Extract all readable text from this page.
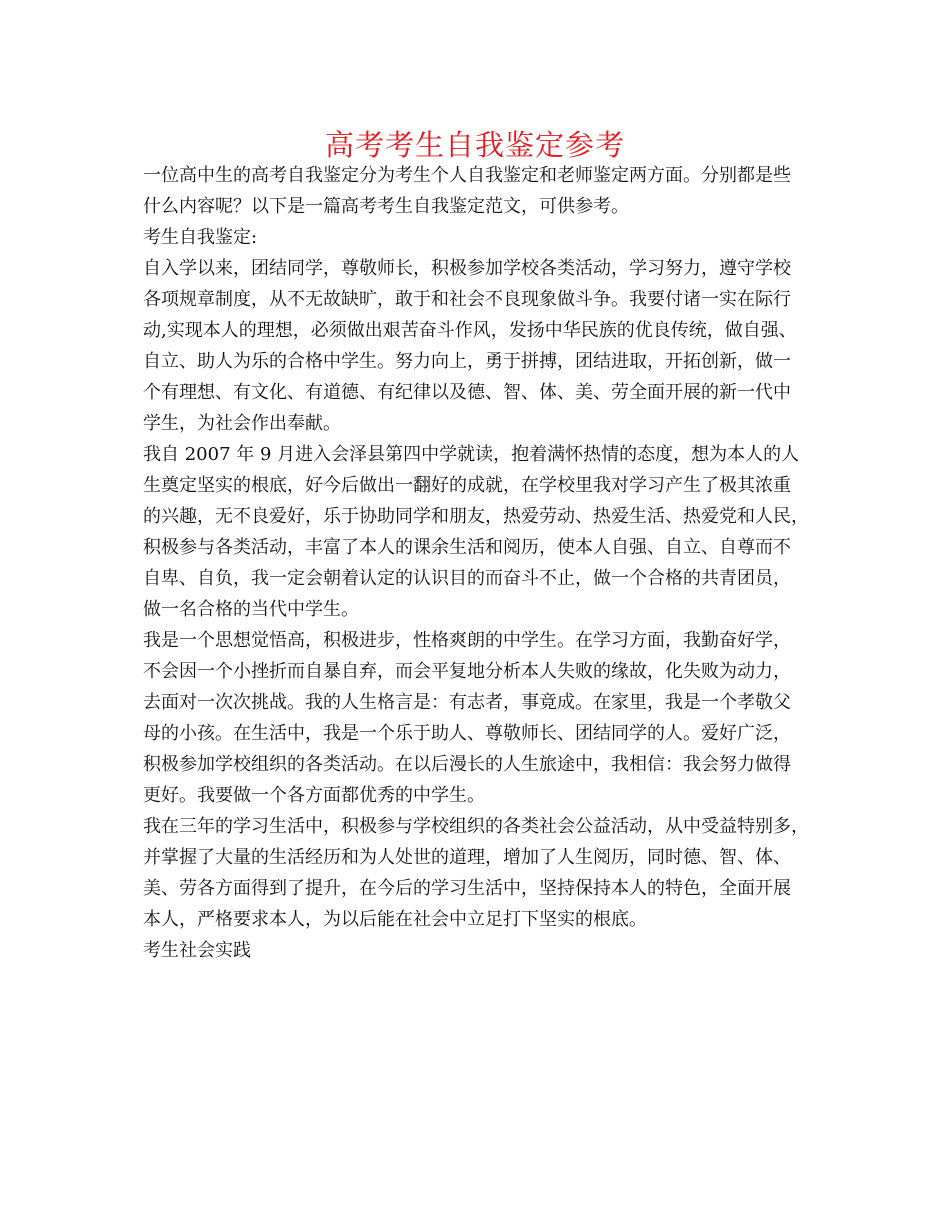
高考考生自我鉴定参考

一位高中生的高考自我鉴定分为考生个人自我鉴定和老师鉴定两方面。分别都是些
什么内容呢？以下是一篇高考考生自我鉴定范文，可供参考。

考生自我鉴定:

自入学以来，团结同学，尊敬师长，积极参加学校各类活动，学习努力，遵守学校
各项规章制度，从不无故缺旷，敢于和社会不良现象做斗争。我要付诸一实在际行
动,实现本人的理想，必须做出艰苦奋斗作风，发扬中华民族的优良传统，做自强、
自立、助人为乐的合格中学生。努力向上，勇于拼搏，团结进取，开拓创新，做一
个有理想、有文化、有道德、有纪律以及德、智、体、美、劳全面开展的新一代中
学生，为社会作出奉献。

我自 2007 年 9 月进入会泽县第四中学就读，抱着满怀热情的态度，想为本人的人
生奠定坚实的根底，好今后做出一翻好的成就，在学校里我对学习产生了极其浓重
的兴趣，无不良爱好，乐于协助同学和朋友，热爱劳动、热爱生活、热爱党和人民，
积极参与各类活动，丰富了本人的课余生活和阅历，使本人自强、自立、自尊而不
自卑、自负，我一定会朝着认定的认识目的而奋斗不止，做一个合格的共青团员，
做一名合格的当代中学生。

我是一个思想觉悟高，积极进步，性格爽朗的中学生。在学习方面，我勤奋好学，
不会因一个小挫折而自暴自弃，而会平复地分析本人失败的缘故，化失败为动力，
去面对一次次挑战。我的人生格言是：有志者，事竟成。在家里，我是一个孝敬父
母的小孩。在生活中，我是一个乐于助人、尊敬师长、团结同学的人。爱好广泛，
积极参加学校组织的各类活动。在以后漫长的人生旅途中，我相信：我会努力做得
更好。我要做一个各方面都优秀的中学生。

我在三年的学习生活中，积极参与学校组织的各类社会公益活动，从中受益特别多，
并掌握了大量的生活经历和为人处世的道理，增加了人生阅历，同时德、智、体、
美、劳各方面得到了提升，在今后的学习生活中，坚持保持本人的特色，全面开展
本人，严格要求本人，为以后能在社会中立足打下坚实的根底。

考生社会实践
